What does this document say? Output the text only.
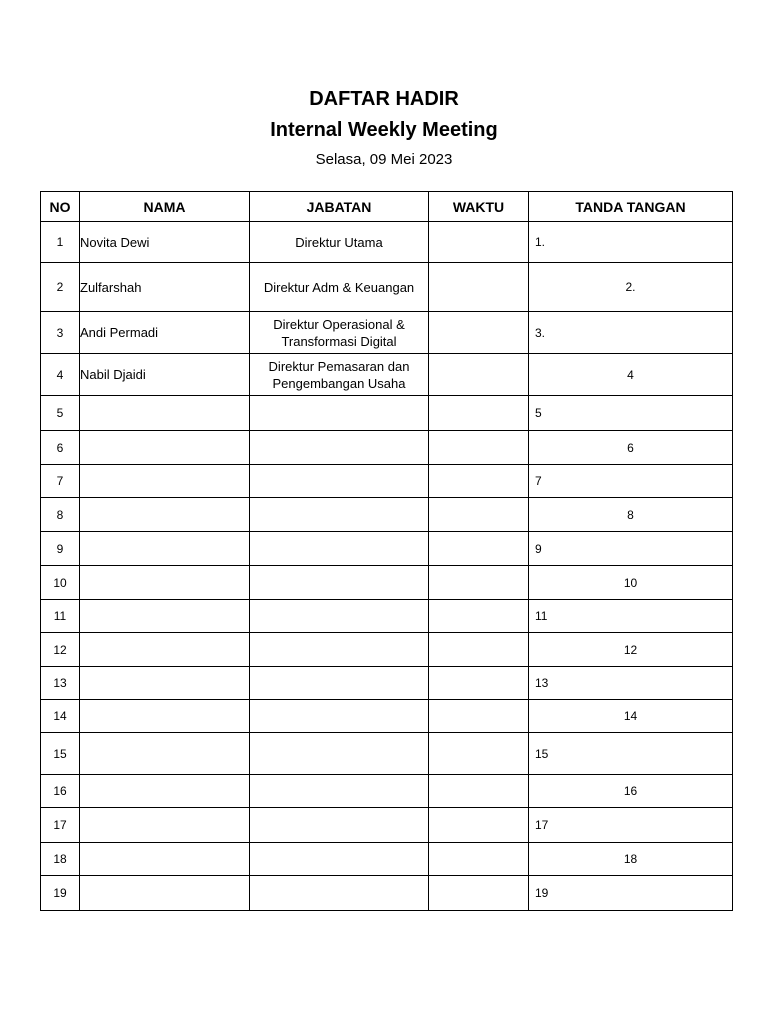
DAFTAR HADIR
Internal Weekly Meeting
Selasa, 09 Mei 2023
NO	NAMA	JABATAN	WAKTU	TANDA TANGAN
1	Novita Dewi	Direktur Utama		1.
2	Zulfarshah	Direktur Adm & Keuangan		2.
3	Andi Permadi	Direktur Operasional & Transformasi Digital		3.
4	Nabil Djaidi	Direktur Pemasaran dan Pengembangan Usaha		4
5				5
6				6
7				7
8				8
9				9
10				10
11				11
12				12
13				13
14				14
15				15
16				16
17				17
18				18
19				19
